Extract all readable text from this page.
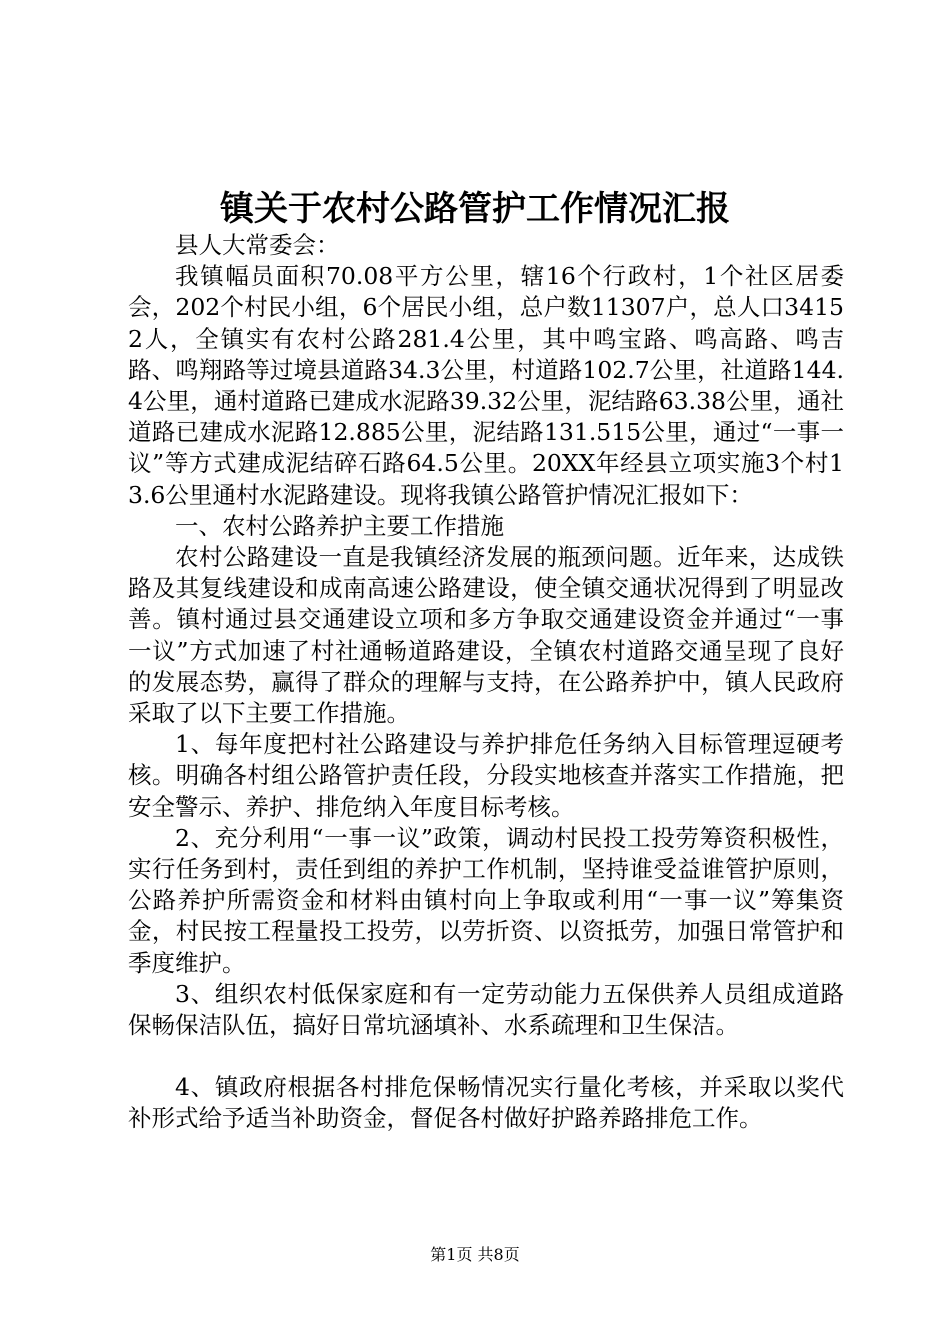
镇关于农村公路管护工作情况汇报

县人大常委会：

我镇幅员面积70.08平方公里，辖16个行政村，1个社区居委会，202个村民小组，6个居民小组，总户数11307户，总人口34152人，全镇实有农村公路281.4公里，其中鸣宝路、鸣高路、鸣吉路、鸣翔路等过境县道路34.3公里，村道路102.7公里，社道路144.4公里，通村道路已建成水泥路39.32公里，泥结路63.38公里，通社道路已建成水泥路12.885公里，泥结路131.515公里，通过“一事一议”等方式建成泥结碎石路64.5公里。20XX年经县立项实施3个村13.6公里通村水泥路建设。现将我镇公路管护情况汇报如下：

一、农村公路养护主要工作措施

农村公路建设一直是我镇经济发展的瓶颈问题。近年来，达成铁路及其复线建设和成南高速公路建设，使全镇交通状况得到了明显改善。镇村通过县交通建设立项和多方争取交通建设资金并通过“一事一议”方式加速了村社通畅道路建设，全镇农村道路交通呈现了良好的发展态势，赢得了群众的理解与支持，在公路养护中，镇人民政府采取了以下主要工作措施。

1、每年度把村社公路建设与养护排危任务纳入目标管理逗硬考核。明确各村组公路管护责任段，分段实地核查并落实工作措施，把安全警示、养护、排危纳入年度目标考核。

2、充分利用“一事一议”政策，调动村民投工投劳筹资积极性，实行任务到村，责任到组的养护工作机制，坚持谁受益谁管护原则，公路养护所需资金和材料由镇村向上争取或利用“一事一议”筹集资金，村民按工程量投工投劳，以劳折资、以资抵劳，加强日常管护和季度维护。

3、组织农村低保家庭和有一定劳动能力五保供养人员组成道路保畅保洁队伍，搞好日常坑涵填补、水系疏理和卫生保洁。

4、镇政府根据各村排危保畅情况实行量化考核，并采取以奖代补形式给予适当补助资金，督促各村做好护路养路排危工作。

第1页 共8页
